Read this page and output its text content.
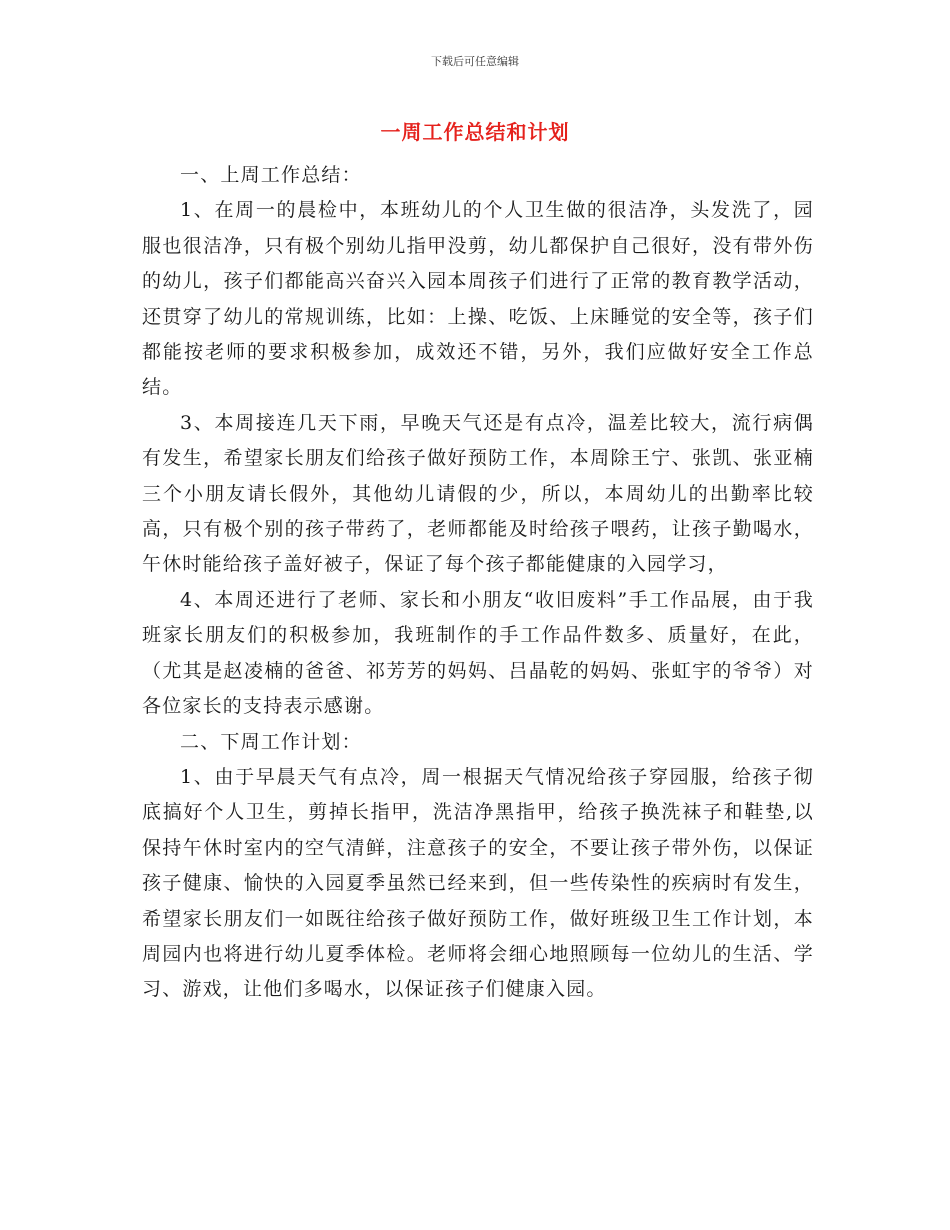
下载后可任意编辑
一周工作总结和计划

一、上周工作总结：

1、在周一的晨检中，本班幼儿的个人卫生做的很洁净，头发洗了，园服也很洁净，只有极个别幼儿指甲没剪，幼儿都保护自己很好，没有带外伤的幼儿，孩子们都能高兴奋兴入园本周孩子们进行了正常的教育教学活动，还贯穿了幼儿的常规训练，比如：上操、吃饭、上床睡觉的安全等，孩子们都能按老师的要求积极参加，成效还不错，另外，我们应做好安全工作总结。

3、本周接连几天下雨，早晚天气还是有点冷，温差比较大，流行病偶有发生，希望家长朋友们给孩子做好预防工作，本周除王宁、张凯、张亚楠三个小朋友请长假外，其他幼儿请假的少，所以，本周幼儿的出勤率比较高，只有极个别的孩子带药了，老师都能及时给孩子喂药，让孩子勤喝水，午休时能给孩子盖好被子，保证了每个孩子都能健康的入园学习，

4、本周还进行了老师、家长和小朋友“收旧废料”手工作品展，由于我班家长朋友们的积极参加，我班制作的手工作品件数多、质量好，在此，（尤其是赵凌楠的爸爸、祁芳芳的妈妈、吕晶乾的妈妈、张虹宇的爷爷）对各位家长的支持表示感谢。

二、下周工作计划：

1、由于早晨天气有点冷，周一根据天气情况给孩子穿园服，给孩子彻底搞好个人卫生，剪掉长指甲，洗洁净黑指甲，给孩子换洗袜子和鞋垫,以保持午休时室内的空气清鲜，注意孩子的安全，不要让孩子带外伤，以保证孩子健康、愉快的入园夏季虽然已经来到，但一些传染性的疾病时有发生，希望家长朋友们一如既往给孩子做好预防工作，做好班级卫生工作计划，本周园内也将进行幼儿夏季体检。老师将会细心地照顾每一位幼儿的生活、学习、游戏，让他们多喝水，以保证孩子们健康入园。
